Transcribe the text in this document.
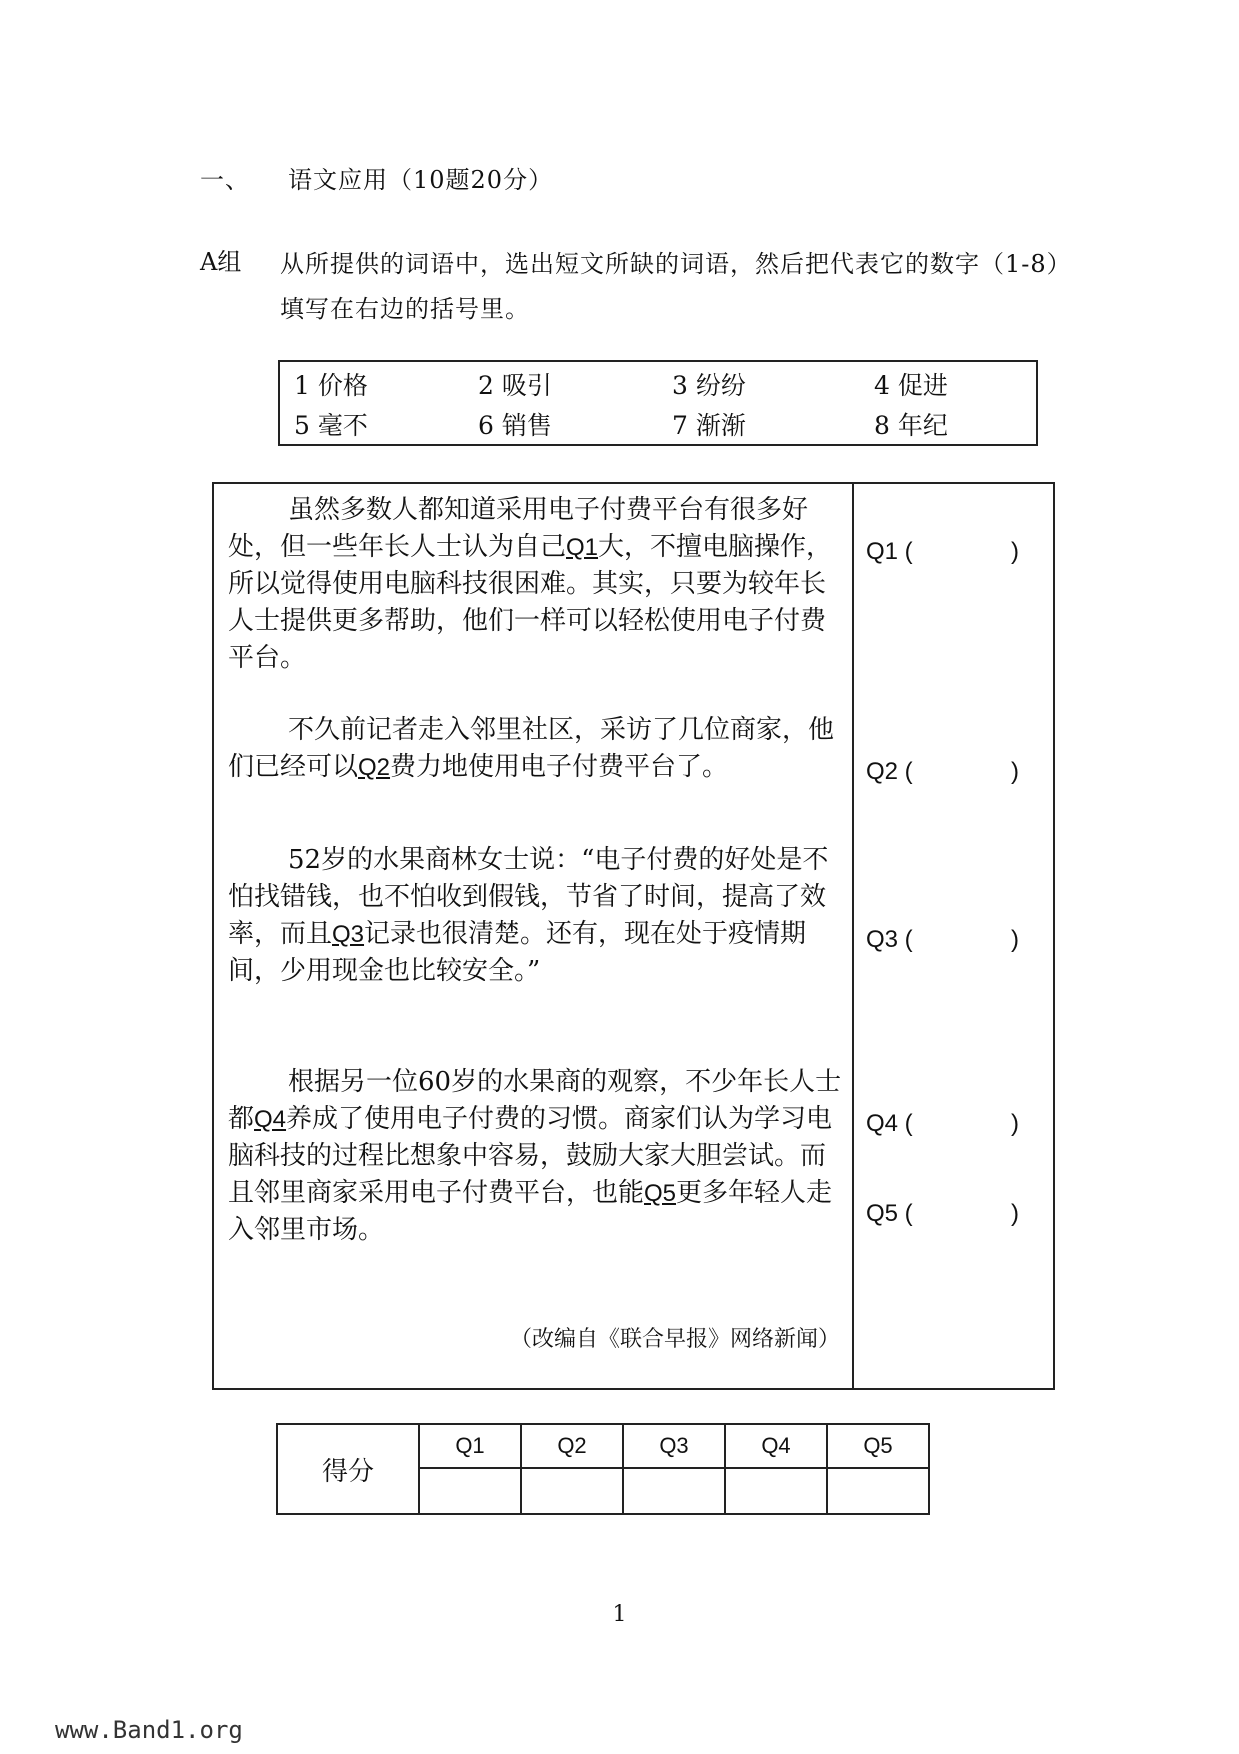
一、 语文应用（10题20分）
A组 从所提供的词语中，选出短文所缺的词语，然后把代表它的数字（1-8）填写在右边的括号里。
1 价格	2 吸引	3 纷纷	4 促进
5 毫不	6 销售	7 渐渐	8 年纪

虽然多数人都知道采用电子付费平台有很多好处，但一些年长人士认为自己Q1大，不擅电脑操作，所以觉得使用电脑科技很困难。其实，只要为较年长人士提供更多帮助，他们一样可以轻松使用电子付费平台。

不久前记者走入邻里社区，采访了几位商家，他们已经可以Q2费力地使用电子付费平台了。

52岁的水果商林女士说：“电子付费的好处是不怕找错钱，也不怕收到假钱，节省了时间，提高了效率，而且Q3记录也很清楚。还有，现在处于疫情期间，少用现金也比较安全。”

根据另一位60岁的水果商的观察，不少年长人士都Q4养成了使用电子付费的习惯。商家们认为学习电脑科技的过程比想象中容易，鼓励大家大胆尝试。而且邻里商家采用电子付费平台，也能Q5更多年轻人走入邻里市场。

（改编自《联合早报》网络新闻）
Q1 (	)
Q2 (	)
Q3 (	)
Q4 (	)
Q5 (	)
得分	Q1	Q2	Q3	Q4	Q5

1
www.Band1.org
